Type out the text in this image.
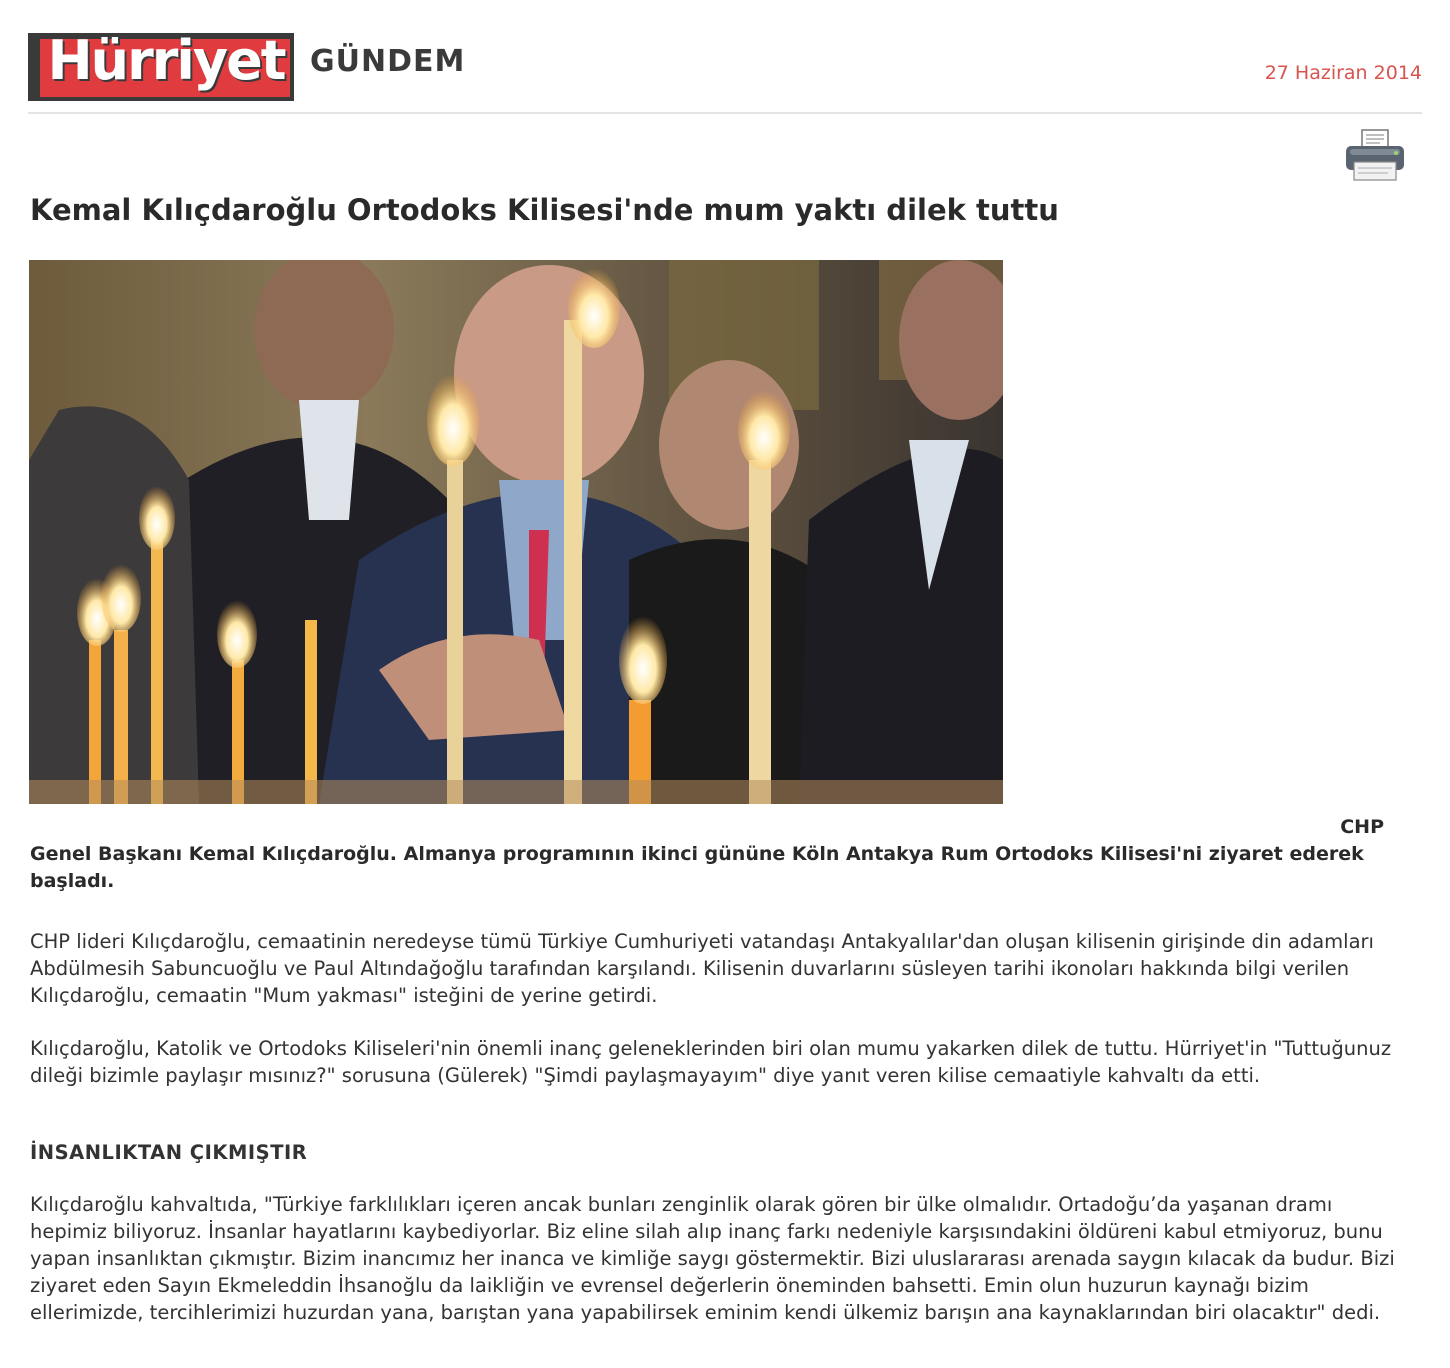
Hürriyet GÜNDEM	27 Haziran 2014
Kemal Kılıçdaroğlu Ortodoks Kilisesi'nde mum yaktı dilek tuttu

CHP
Genel Başkanı Kemal Kılıçdaroğlu. Almanya programının ikinci gününe Köln Antakya Rum Ortodoks Kilisesi'ni ziyaret ederek başladı.

CHP lideri Kılıçdaroğlu, cemaatinin neredeyse tümü Türkiye Cumhuriyeti vatandaşı Antakyalılar'dan oluşan kilisenin girişinde din adamları Abdülmesih Sabuncuoğlu ve Paul Altındağoğlu tarafından karşılandı. Kilisenin duvarlarını süsleyen tarihi ikonoları hakkında bilgi verilen Kılıçdaroğlu, cemaatin "Mum yakması" isteğini de yerine getirdi.

Kılıçdaroğlu, Katolik ve Ortodoks Kiliseleri'nin önemli inanç geleneklerinden biri olan mumu yakarken dilek de tuttu. Hürriyet'in "Tuttuğunuz dileği bizimle paylaşır mısınız?" sorusuna (Gülerek) "Şimdi paylaşmayayım" diye yanıt veren kilise cemaatiyle kahvaltı da etti.

İNSANLIKTAN ÇIKMIŞTIR

Kılıçdaroğlu kahvaltıda, "Türkiye farklılıkları içeren ancak bunları zenginlik olarak gören bir ülke olmalıdır. Ortadoğu’da yaşanan dramı hepimiz biliyoruz. İnsanlar hayatlarını kaybediyorlar. Biz eline silah alıp inanç farkı nedeniyle karşısındakini öldüreni kabul etmiyoruz, bunu yapan insanlıktan çıkmıştır. Bizim inancımız her inanca ve kimliğe saygı göstermektir. Bizi uluslararası arenada saygın kılacak da budur. Bizi ziyaret eden Sayın Ekmeleddin İhsanoğlu da laikliğin ve evrensel değerlerin öneminden bahsetti. Emin olun huzurun kaynağı bizim ellerimizde, tercihlerimizi huzurdan yana, barıştan yana yapabilirsek eminim kendi ülkemiz barışın ana kaynaklarından biri olacaktır" dedi.
